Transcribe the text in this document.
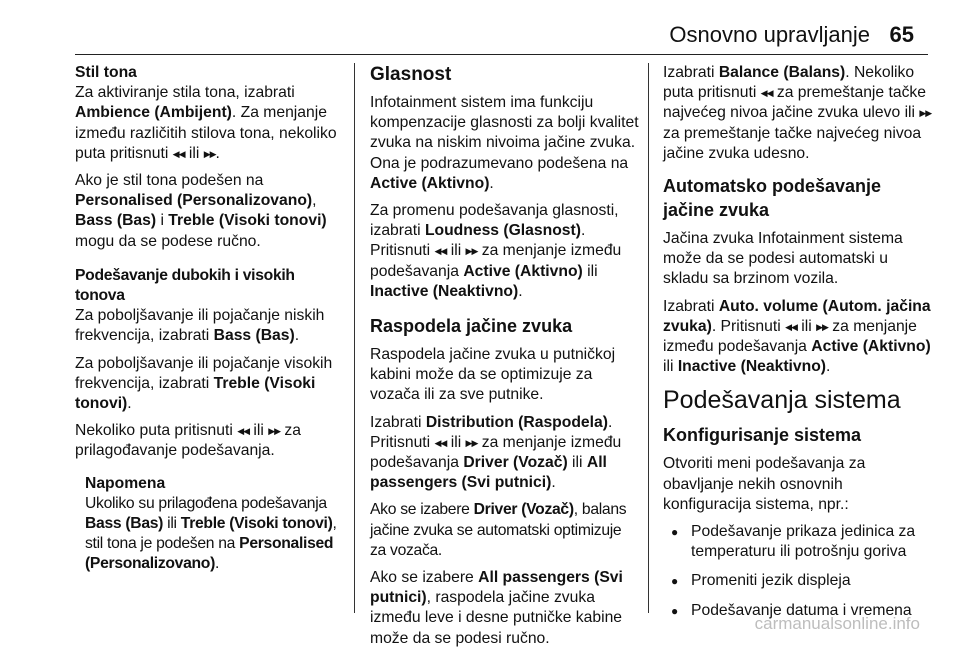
Osnovno upravljanje 65

Stil tona

Za aktiviranje stila tona, izabrati Ambience (Ambijent). Za menjanje između različitih stilova tona, nekoliko puta pritisnuti ◀◀ ili ▶▶.

Ako je stil tona podešen na Personalised (Personalizovano), Bass (Bas) i Treble (Visoki tonovi) mogu da se podese ručno.

Podešavanje dubokih i visokih tonova

Za poboljšavanje ili pojačanje niskih frekvencija, izabrati Bass (Bas).

Za poboljšavanje ili pojačanje visokih frekvencija, izabrati Treble (Visoki tonovi).

Nekoliko puta pritisnuti ◀◀ ili ▶▶ za prilagođavanje podešavanja.

Napomena

Ukoliko su prilagođena podešavanja Bass (Bas) ili Treble (Visoki tonovi), stil tona je podešen na Personalised (Personalizovano).

Glasnost

Infotainment sistem ima funkciju kompenzacije glasnosti za bolji kvalitet zvuka na niskim nivoima jačine zvuka. Ona je podrazumevano podešena na Active (Aktivno).

Za promenu podešavanja glasnosti, izabrati Loudness (Glasnost). Pritisnuti ◀◀ ili ▶▶ za menjanje između podešavanja Active (Aktivno) ili Inactive (Neaktivno).

Raspodela jačine zvuka

Raspodela jačine zvuka u putničkoj kabini može da se optimizuje za vozača ili za sve putnike.

Izabrati Distribution (Raspodela). Pritisnuti ◀◀ ili ▶▶ za menjanje između podešavanja Driver (Vozač) ili All passengers (Svi putnici).

Ako se izabere Driver (Vozač), balans jačine zvuka se automatski optimizuje za vozača.

Ako se izabere All passengers (Svi putnici), raspodela jačine zvuka između leve i desne putničke kabine može da se podesi ručno.

Izabrati Balance (Balans). Nekoliko puta pritisnuti ◀◀ za premeštanje tačke najvećeg nivoa jačine zvuka ulevo ili ▶▶ za premeštanje tačke najvećeg nivoa jačine zvuka udesno.

Automatsko podešavanje jačine zvuka

Jačina zvuka Infotainment sistema može da se podesi automatski u skladu sa brzinom vozila.

Izabrati Auto. volume (Autom. jačina zvuka). Pritisnuti ◀◀ ili ▶▶ za menjanje između podešavanja Active (Aktivno) ili Inactive (Neaktivno).

Podešavanja sistema

Konfigurisanje sistema

Otvoriti meni podešavanja za obavljanje nekih osnovnih konfiguracija sistema, npr.:

● Podešavanje prikaza jedinica za temperaturu ili potrošnju goriva
● Promeniti jezik displeja
● Podešavanje datuma i vremena
carmanualsonline.info
